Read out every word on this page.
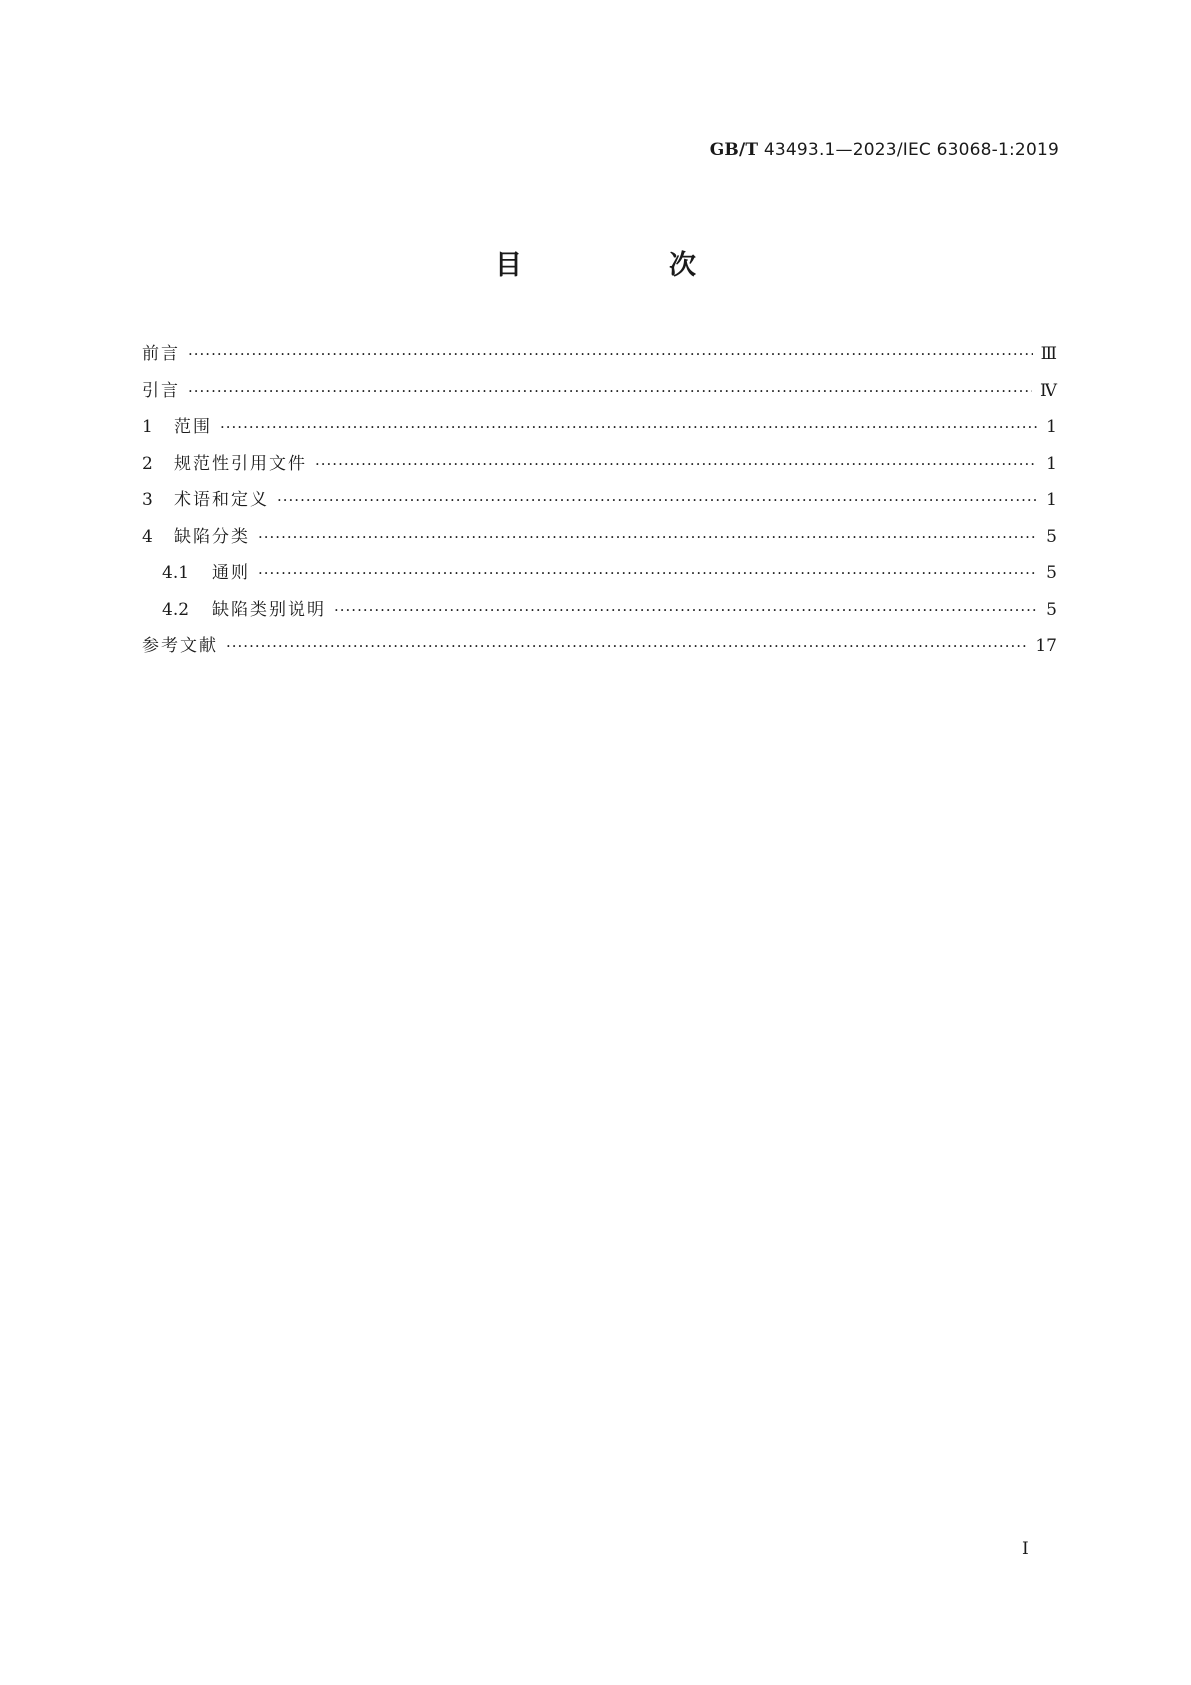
GB/T 43493.1—2023/IEC 63068-1:2019
目　次
前言 ·····	Ⅲ
引言 ·····	Ⅳ
1	范围 ·····	1
2	规范性引用文件 ·····	1
3	术语和定义 ·····	1
4	缺陷分类 ·····	5
4.1	通则 ·····	5
4.2	缺陷类别说明 ·····	5
参考文献 ·····	17
Ⅰ
